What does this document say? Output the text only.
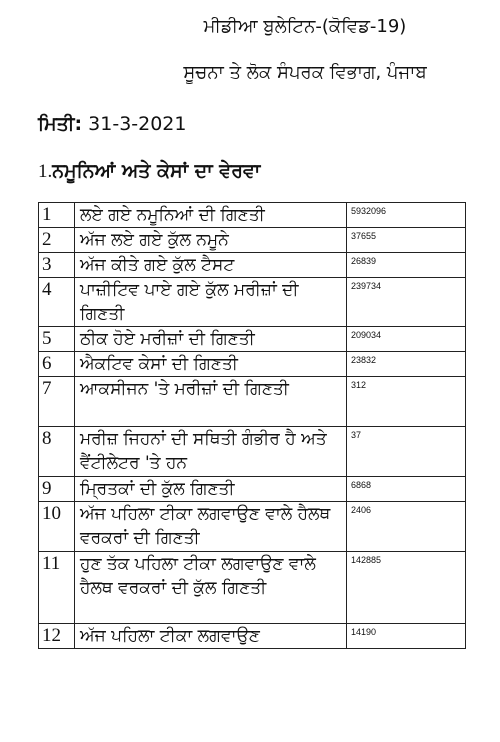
ਮੀਡੀਆ ਬੁਲੇਟਿਨ-(ਕੋਵਿਡ-19)
ਸੂਚਨਾ ਤੇ ਲੋਕ ਸੰਪਰਕ ਵਿਭਾਗ, ਪੰਜਾਬ
ਮਿਤੀ: 31-3-2021
1.ਨਮੂਨਿਆਂ ਅਤੇ ਕੇਸਾਂ ਦਾ ਵੇਰਵਾ
1	ਲਏ ਗਏ ਨਮੂਨਿਆਂ ਦੀ ਗਿਣਤੀ	5932096
2	ਅੱਜ ਲਏ ਗਏ ਕੁੱਲ ਨਮੂਨੇ	37655
3	ਅੱਜ ਕੀਤੇ ਗਏ ਕੁੱਲ ਟੈਸਟ	26839
4	ਪਾਜ਼ੀਟਿਵ ਪਾਏ ਗਏ ਕੁੱਲ ਮਰੀਜ਼ਾਂ ਦੀ ਗਿਣਤੀ	239734
5	ਠੀਕ ਹੋਏ ਮਰੀਜ਼ਾਂ ਦੀ ਗਿਣਤੀ	209034
6	ਐਕਟਿਵ ਕੇਸਾਂ ਦੀ ਗਿਣਤੀ	23832
7	ਆਕਸੀਜਨ 'ਤੇ ਮਰੀਜ਼ਾਂ ਦੀ ਗਿਣਤੀ	312
8	ਮਰੀਜ਼ ਜਿਹਨਾਂ ਦੀ ਸਥਿਤੀ ਗੰਭੀਰ ਹੈ ਅਤੇ ਵੈਂਟੀਲੇਟਰ 'ਤੇ ਹਨ	37
9	ਮ੍ਰਿਤਕਾਂ ਦੀ ਕੁੱਲ ਗਿਣਤੀ	6868
10	ਅੱਜ ਪਹਿਲਾ ਟੀਕਾ ਲਗਵਾਉਣ ਵਾਲੇ ਹੈਲਥ ਵਰਕਰਾਂ ਦੀ ਗਿਣਤੀ	2406
11	ਹੁਣ ਤੱਕ ਪਹਿਲਾ ਟੀਕਾ ਲਗਵਾਉਣ ਵਾਲੇ ਹੈਲਥ ਵਰਕਰਾਂ ਦੀ ਕੁੱਲ ਗਿਣਤੀ	142885
12	ਅੱਜ ਪਹਿਲਾ ਟੀਕਾ ਲਗਵਾਉਣ	14190
